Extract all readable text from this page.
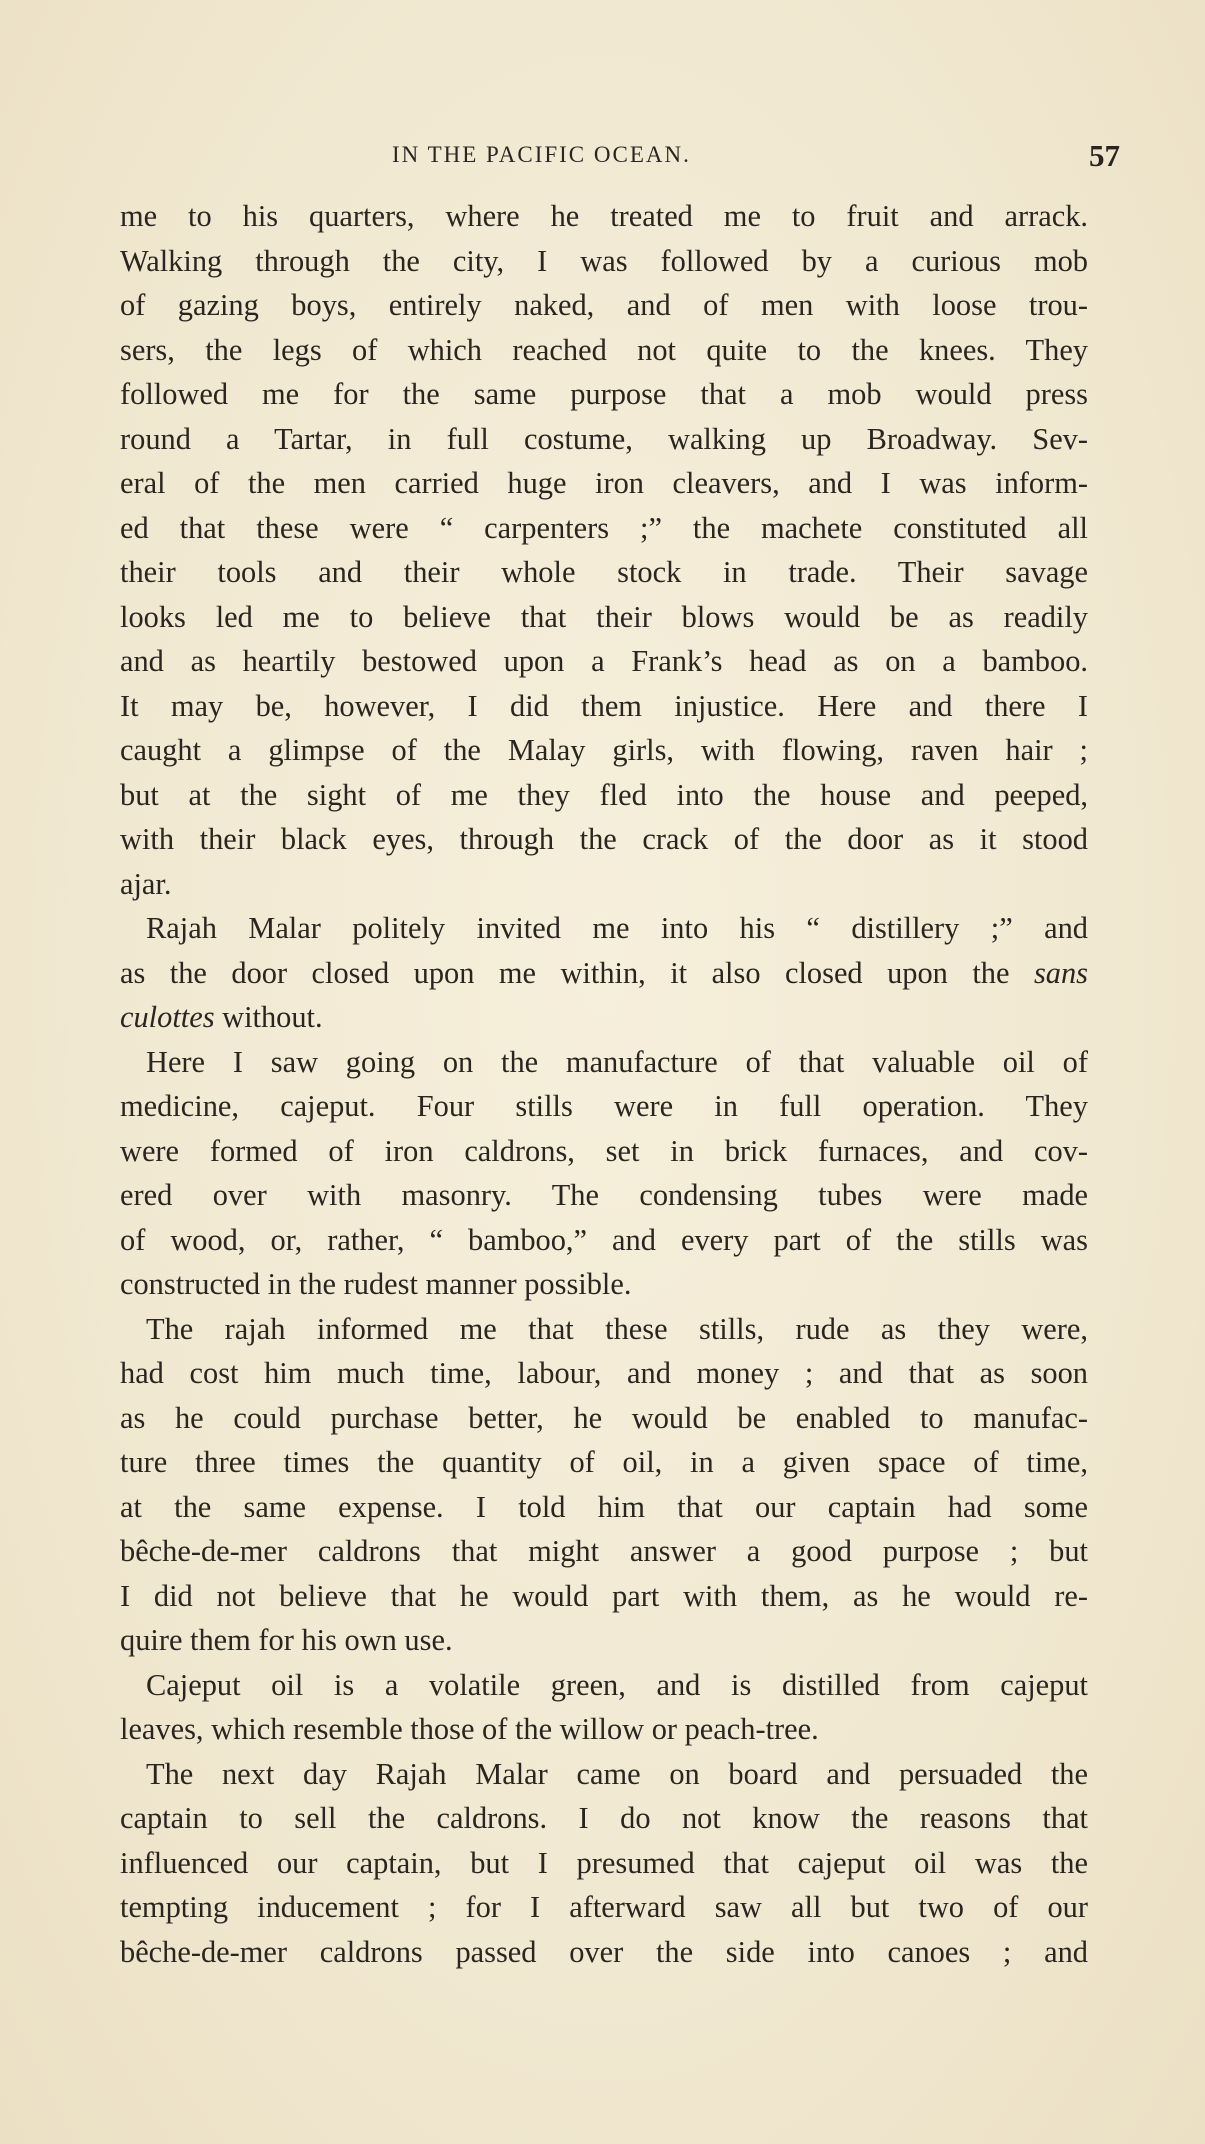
IN THE PACIFIC OCEAN.	57

me to his quarters, where he treated me to fruit and arrack.
Walking through the city, I was followed by a curious mob
of gazing boys, entirely naked, and of men with loose trou-
sers, the legs of which reached not quite to the knees. They
followed me for the same purpose that a mob would press
round a Tartar, in full costume, walking up Broadway. Sev-
eral of the men carried huge iron cleavers, and I was inform-
ed that these were “ carpenters ;” the machete constituted all
their tools and their whole stock in trade. Their savage
looks led me to believe that their blows would be as readily
and as heartily bestowed upon a Frank’s head as on a bamboo.
It may be, however, I did them injustice. Here and there I
caught a glimpse of the Malay girls, with flowing, raven hair ;
but at the sight of me they fled into the house and peeped,
with their black eyes, through the crack of the door as it stood
ajar.

Rajah Malar politely invited me into his “ distillery ;” and
as the door closed upon me within, it also closed upon the sans
culottes without.

Here I saw going on the manufacture of that valuable oil of
medicine, cajeput. Four stills were in full operation. They
were formed of iron caldrons, set in brick furnaces, and cov-
ered over with masonry. The condensing tubes were made
of wood, or, rather, “ bamboo,” and every part of the stills was
constructed in the rudest manner possible.

The rajah informed me that these stills, rude as they were,
had cost him much time, labour, and money ; and that as soon
as he could purchase better, he would be enabled to manufac-
ture three times the quantity of oil, in a given space of time,
at the same expense. I told him that our captain had some
bêche-de-mer caldrons that might answer a good purpose ; but
I did not believe that he would part with them, as he would re-
quire them for his own use.

Cajeput oil is a volatile green, and is distilled from cajeput
leaves, which resemble those of the willow or peach-tree.

The next day Rajah Malar came on board and persuaded the
captain to sell the caldrons. I do not know the reasons that
influenced our captain, but I presumed that cajeput oil was the
tempting inducement ; for I afterward saw all but two of our
bêche-de-mer caldrons passed over the side into canoes ; and
